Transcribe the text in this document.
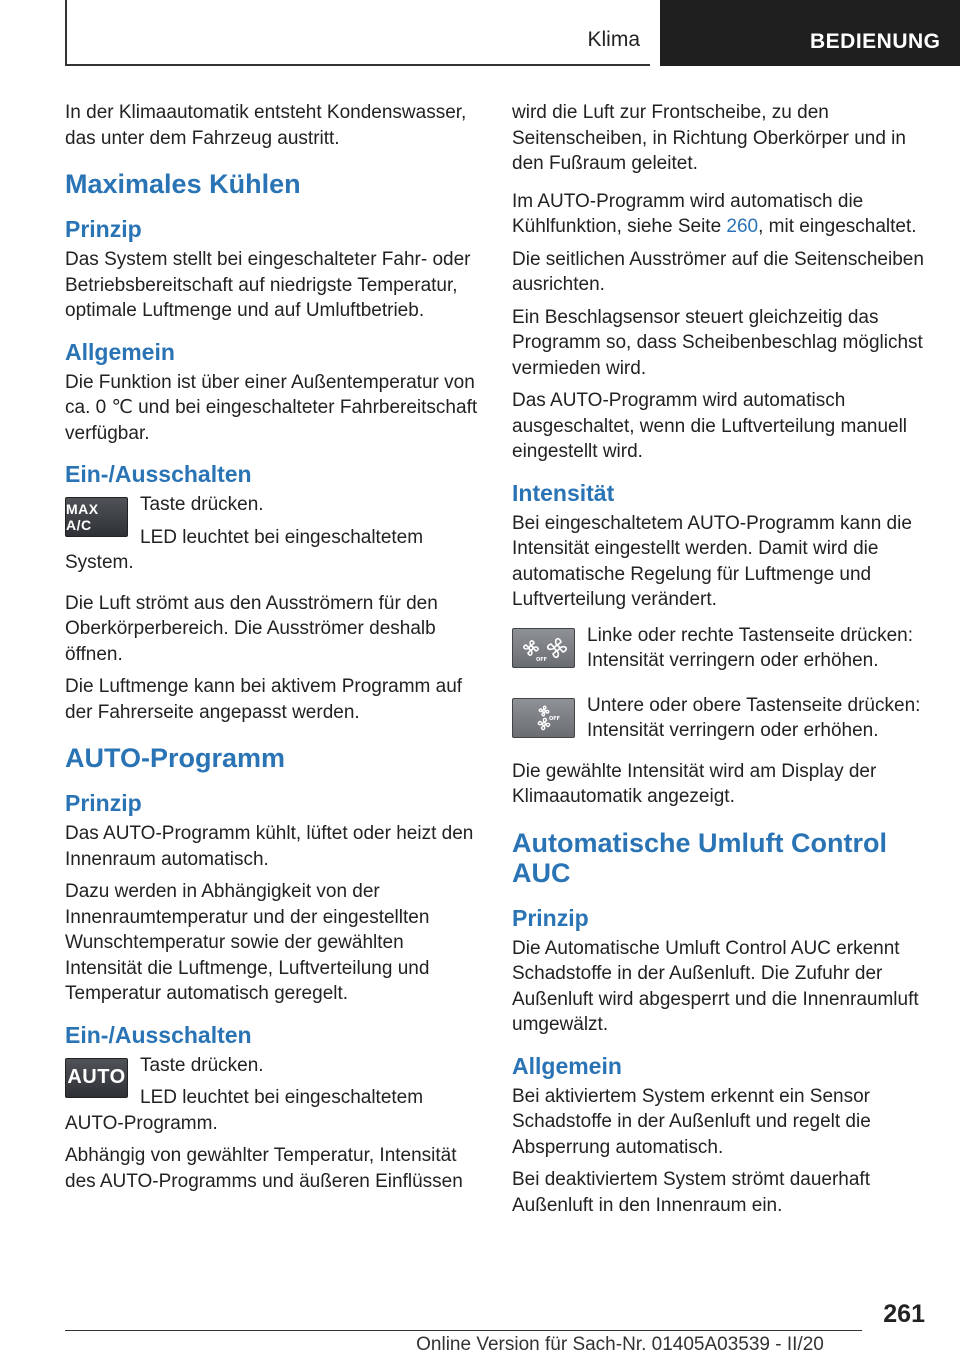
Klima	BEDIENUNG

In der Klimaautomatik entsteht Kondenswasser, das unter dem Fahrzeug austritt.

Maximales Kühlen
Prinzip

Das System stellt bei eingeschalteter Fahr- oder Betriebsbereitschaft auf niedrigste Temperatur, optimale Luftmenge und auf Umluftbetrieb.

Allgemein

Die Funktion ist über einer Außentemperatur von ca. 0 ℃ und bei eingeschalteter Fahrbereitschaft verfügbar.

Ein-/Ausschalten
MAX A/C

Taste drücken.

LED leuchtet bei eingeschaltetem System.

Die Luft strömt aus den Ausströmern für den Oberkörperbereich. Die Ausströmer deshalb öffnen.

Die Luftmenge kann bei aktivem Programm auf der Fahrerseite angepasst werden.

AUTO-Programm
Prinzip

Das AUTO-Programm kühlt, lüftet oder heizt den Innenraum automatisch.

Dazu werden in Abhängigkeit von der Innenraumtemperatur und der eingestellten Wunschtemperatur sowie der gewählten Intensität die Luftmenge, Luftverteilung und Temperatur automatisch geregelt.

Ein-/Ausschalten
AUTO

Taste drücken.

LED leuchtet bei eingeschaltetem AUTO-Programm.

Abhängig von gewählter Temperatur, Intensität des AUTO-Programms und äußeren Einflüssen

wird die Luft zur Frontscheibe, zu den Seitenscheiben, in Richtung Oberkörper und in den Fußraum geleitet.

Im AUTO-Programm wird automatisch die Kühlfunktion, siehe Seite 260, mit eingeschaltet.

Die seitlichen Ausströmer auf die Seitenscheiben ausrichten.

Ein Beschlagsensor steuert gleichzeitig das Programm so, dass Scheibenbeschlag möglichst vermieden wird.

Das AUTO-Programm wird automatisch ausgeschaltet, wenn die Luftverteilung manuell eingestellt wird.

Intensität

Bei eingeschaltetem AUTO-Programm kann die Intensität eingestellt werden. Damit wird die automatische Regelung für Luftmenge und Luftverteilung verändert.

OFF

Linke oder rechte Tastenseite drücken: Intensität verringern oder erhöhen.

OFF

Untere oder obere Tastenseite drücken: Intensität verringern oder erhöhen.

Die gewählte Intensität wird am Display der Klimaautomatik angezeigt.

Automatische Umluft Control AUC
Prinzip

Die Automatische Umluft Control AUC erkennt Schadstoffe in der Außenluft. Die Zufuhr der Außenluft wird abgesperrt und die Innenraumluft umgewälzt.

Allgemein

Bei aktiviertem System erkennt ein Sensor Schadstoffe in der Außenluft und regelt die Absperrung automatisch.

Bei deaktiviertem System strömt dauerhaft Außenluft in den Innenraum ein.

261
Online Version für Sach-Nr. 01405A03539 - II/20
